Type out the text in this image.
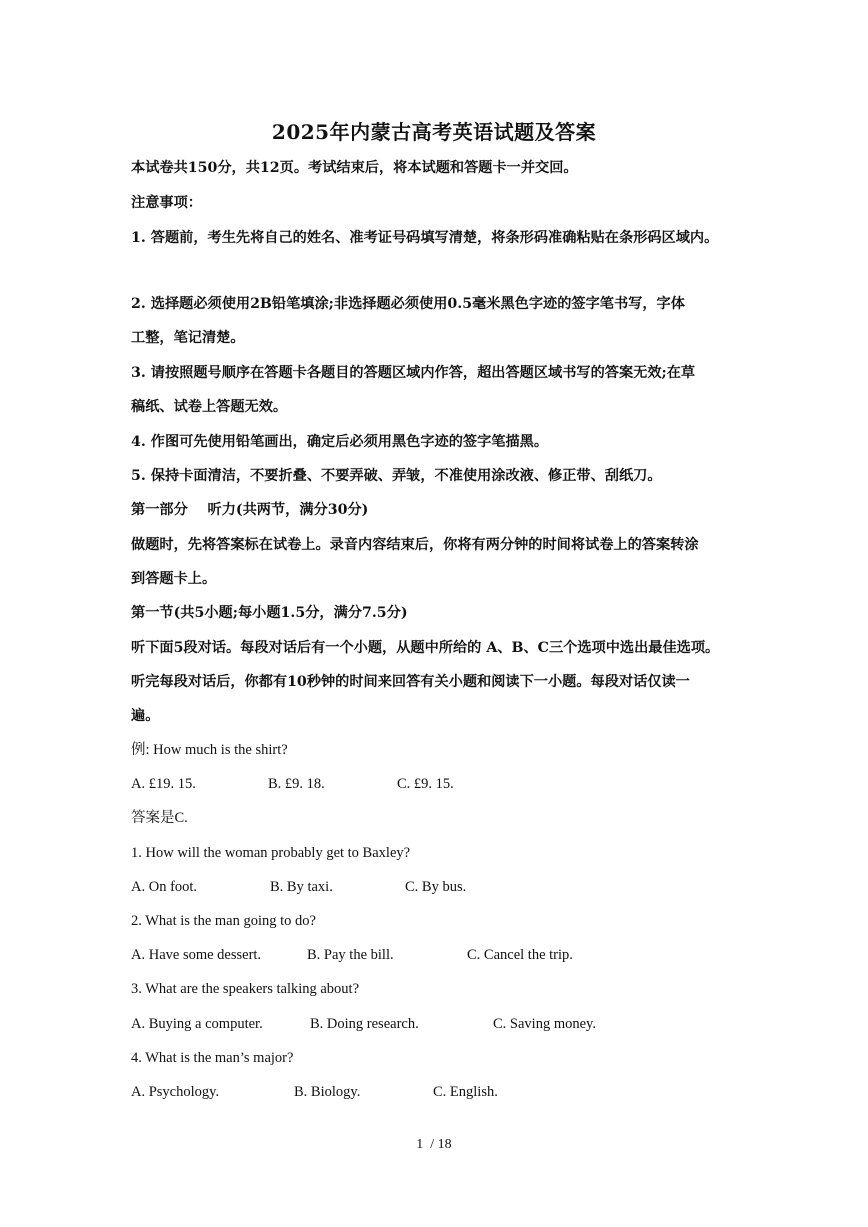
2025年内蒙古高考英语试题及答案
本试卷共150分，共12页。考试结束后，将本试题和答题卡一并交回。
注意事项：
1. 答题前，考生先将自己的姓名、准考证号码填写清楚，将条形码准确粘贴在条形码区域内。
2. 选择题必须使用2B铅笔填涂;非选择题必须使用0.5毫米黑色字迹的签字笔书写，字体
工整，笔记清楚。
3. 请按照题号顺序在答题卡各题目的答题区域内作答，超出答题区域书写的答案无效;在草
稿纸、试卷上答题无效。
4. 作图可先使用铅笔画出，确定后必须用黑色字迹的签字笔描黑。
5. 保持卡面清洁，不要折叠、不要弄破、弄皱，不准使用涂改液、修正带、刮纸刀。
第一部分    听力(共两节，满分30分)
做题时，先将答案标在试卷上。录音内容结束后，你将有两分钟的时间将试卷上的答案转涂
到答题卡上。
第一节(共5小题;每小题1.5分，满分7.5分)
听下面5段对话。每段对话后有一个小题，从题中所给的 A、B、C三个选项中选出最佳选项。
听完每段对话后，你都有10秒钟的时间来回答有关小题和阅读下一小题。每段对话仅读一
遍。
例: How much is the shirt?
A. £19. 15.	B. £9. 18.	C. £9. 15.
答案是C.
1. How will the woman probably get to Baxley?
A. On foot.	B. By taxi.	C. By bus.
2. What is the man going to do?
A. Have some dessert.	B. Pay the bill.	C. Cancel the trip.
3. What are the speakers talking about?
A. Buying a computer.	B. Doing research.	C. Saving money.
4. What is the man’s major?
A. Psychology.	B. Biology.	C. English.
1  / 18
